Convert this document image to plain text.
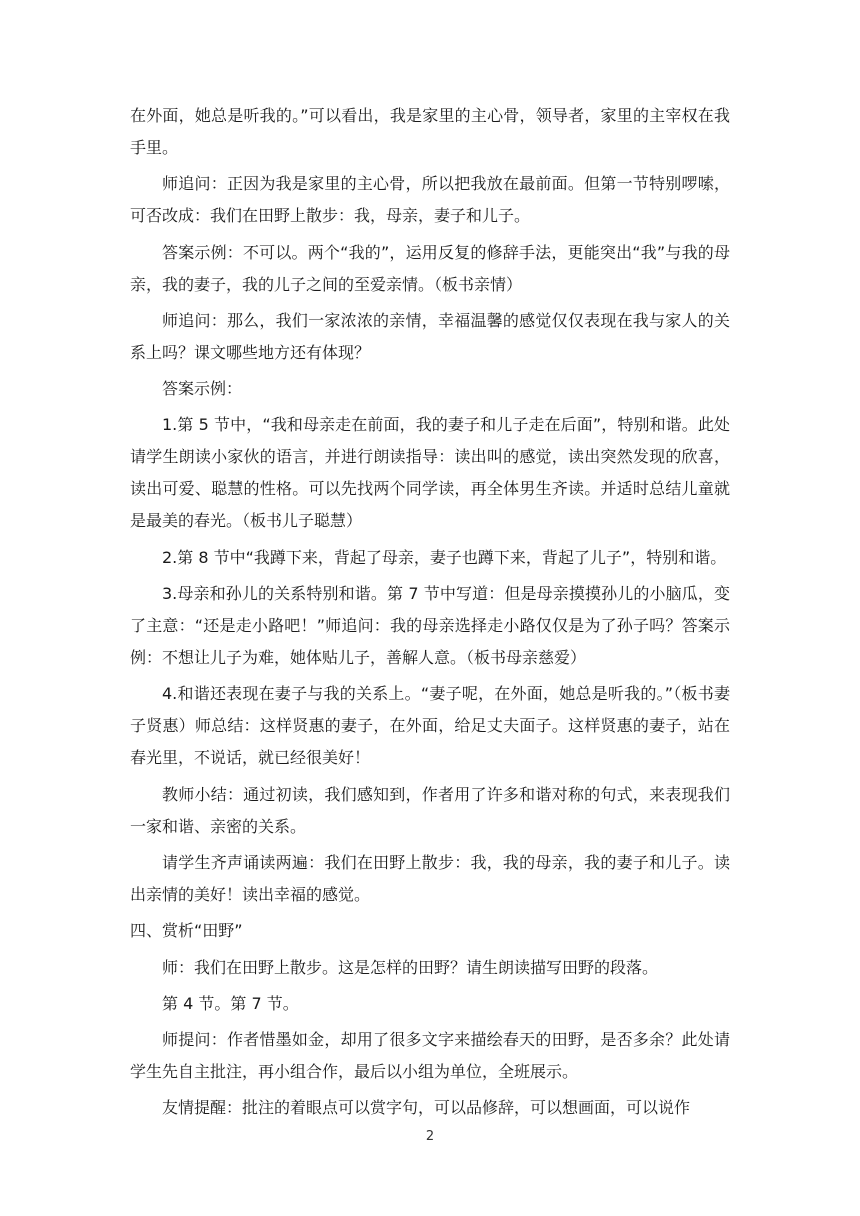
在外面，她总是听我的。”可以看出，我是家里的主心骨，领导者，家里的主宰权在我手里。

师追问：正因为我是家里的主心骨，所以把我放在最前面。但第一节特别啰嗦，可否改成：我们在田野上散步：我，母亲，妻子和儿子。

答案示例：不可以。两个“我的”，运用反复的修辞手法，更能突出“我”与我的母亲，我的妻子，我的儿子之间的至爱亲情。（板书亲情）

师追问：那么，我们一家浓浓的亲情，幸福温馨的感觉仅仅表现在我与家人的关系上吗？课文哪些地方还有体现？

答案示例：

1.第 5 节中，“我和母亲走在前面，我的妻子和儿子走在后面”，特别和谐。此处请学生朗读小家伙的语言，并进行朗读指导：读出叫的感觉，读出突然发现的欣喜，读出可爱、聪慧的性格。可以先找两个同学读，再全体男生齐读。并适时总结儿童就是最美的春光。（板书儿子聪慧）

2.第 8 节中“我蹲下来，背起了母亲，妻子也蹲下来，背起了儿子”，特别和谐。

3.母亲和孙儿的关系特别和谐。第 7 节中写道：但是母亲摸摸孙儿的小脑瓜，变了主意：“还是走小路吧！”师追问：我的母亲选择走小路仅仅是为了孙子吗？答案示例：不想让儿子为难，她体贴儿子，善解人意。（板书母亲慈爱）

4.和谐还表现在妻子与我的关系上。“妻子呢，在外面，她总是听我的。”（板书妻子贤惠）师总结：这样贤惠的妻子，在外面，给足丈夫面子。这样贤惠的妻子，站在春光里，不说话，就已经很美好！

教师小结：通过初读，我们感知到，作者用了许多和谐对称的句式，来表现我们一家和谐、亲密的关系。

请学生齐声诵读两遍：我们在田野上散步：我，我的母亲，我的妻子和儿子。读出亲情的美好！读出幸福的感觉。

四、赏析“田野”

师：我们在田野上散步。这是怎样的田野？请生朗读描写田野的段落。

第 4 节。第 7 节。

师提问：作者惜墨如金，却用了很多文字来描绘春天的田野，是否多余？此处请学生先自主批注，再小组合作，最后以小组为单位，全班展示。

友情提醒：批注的着眼点可以赏字句，可以品修辞，可以想画面，可以说作

2
